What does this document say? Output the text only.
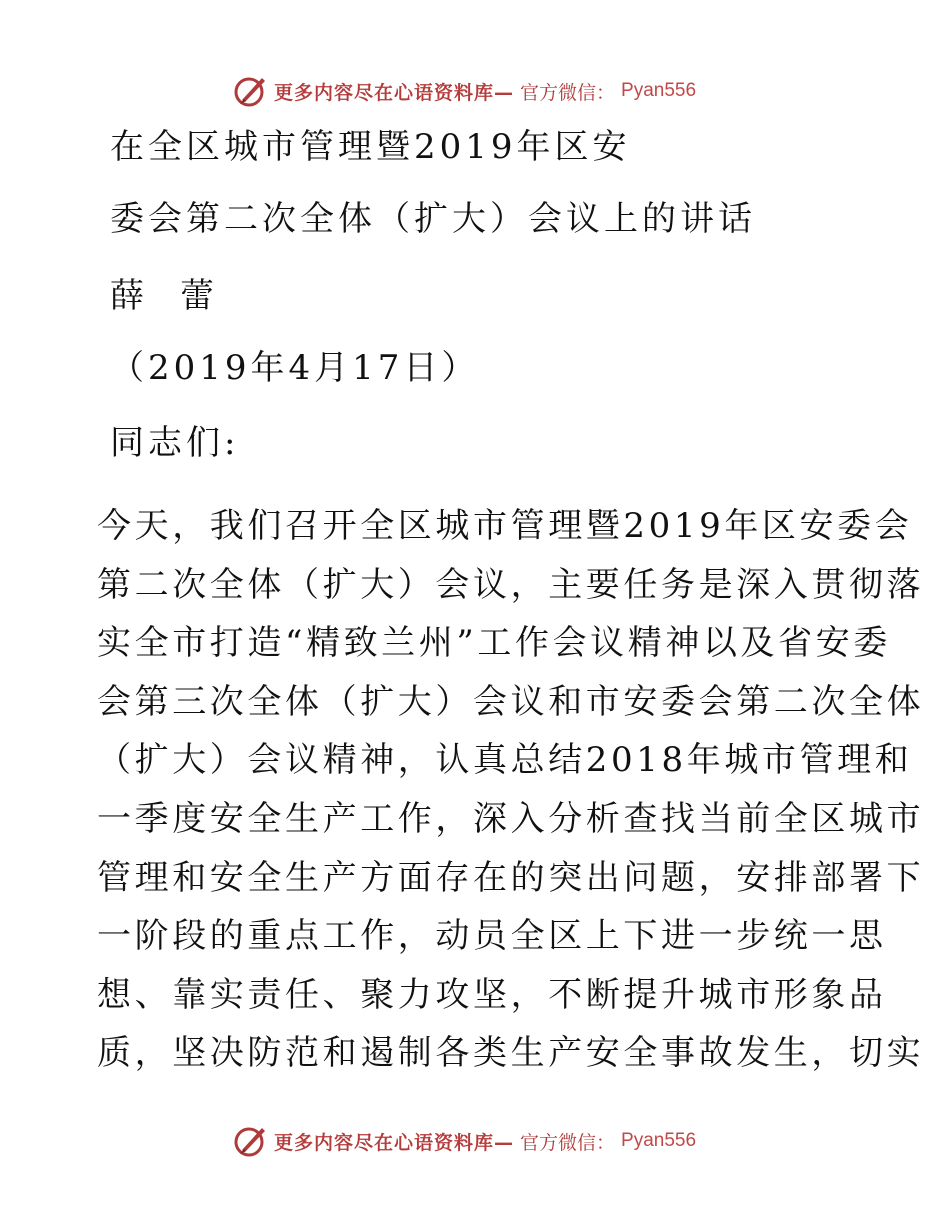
更多内容尽在心语资料库— 官方微信： Pyan556
在全区城市管理暨2019年区安
委会第二次全体（扩大）会议上的讲话
薛 蕾
（2019年4月17日）
同志们:
今天，我们召开全区城市管理暨2019年区安委会
第二次全体（扩大）会议，主要任务是深入贯彻落
实全市打造“精致兰州”工作会议精神以及省安委
会第三次全体（扩大）会议和市安委会第二次全体
（扩大）会议精神，认真总结2018年城市管理和
一季度安全生产工作，深入分析查找当前全区城市
管理和安全生产方面存在的突出问题，安排部署下
一阶段的重点工作，动员全区上下进一步统一思
想、靠实责任、聚力攻坚，不断提升城市形象品
质，坚决防范和遏制各类生产安全事故发生，切实
更多内容尽在心语资料库— 官方微信： Pyan556
